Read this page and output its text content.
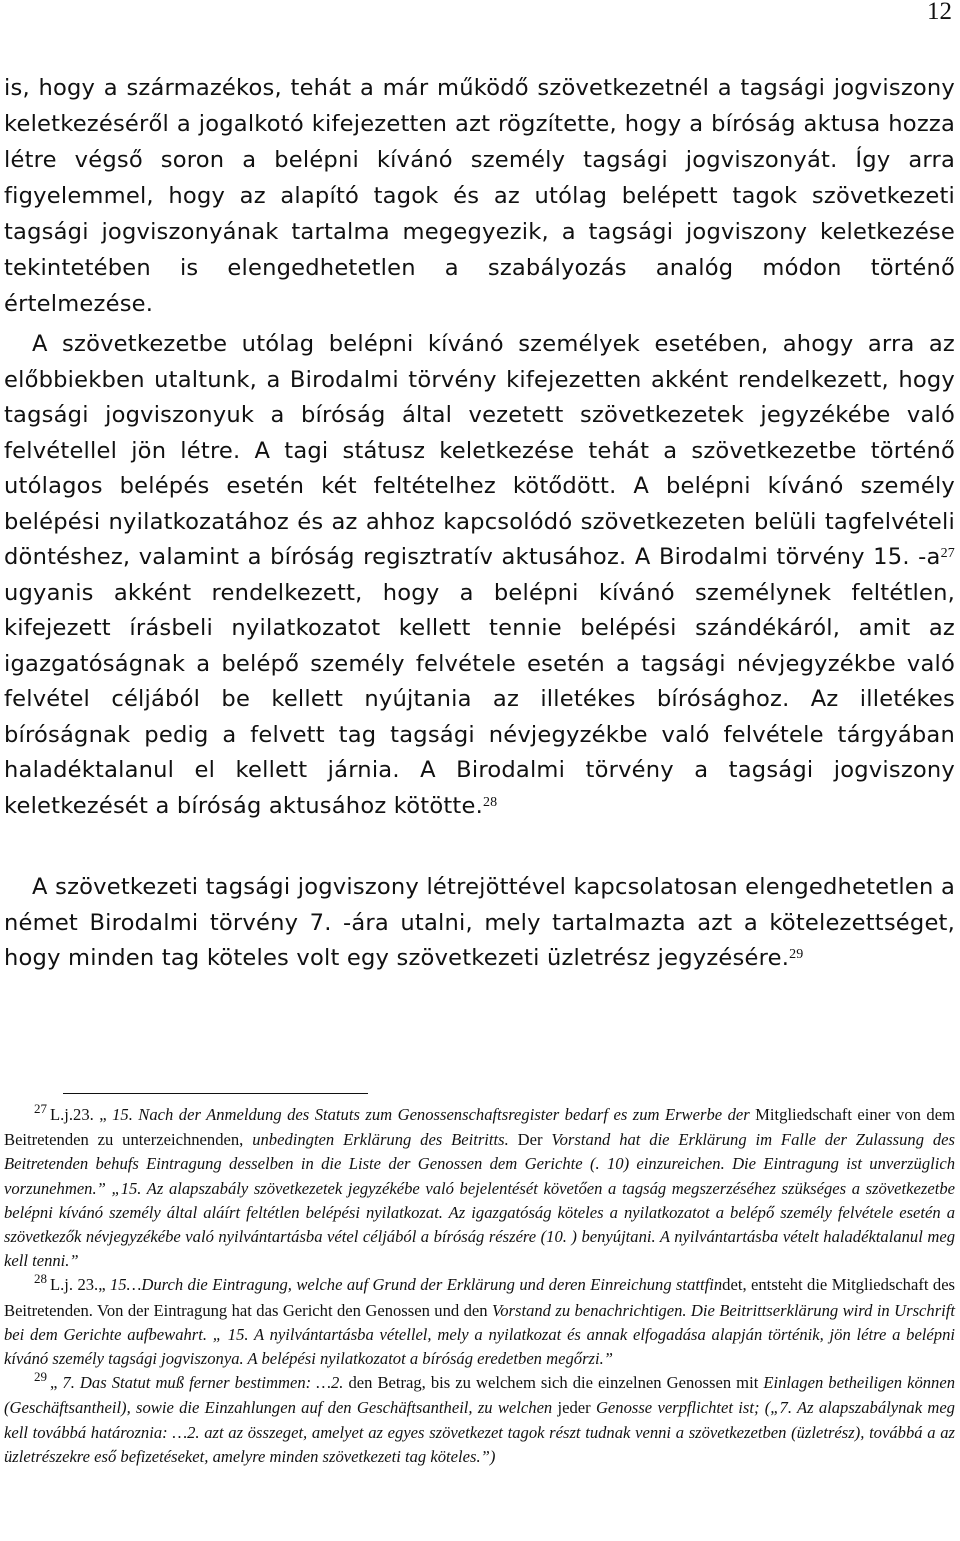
12

is, hogy a származékos, tehát a már működő szövetkezetnél a tagsági jogviszony keletkezéséről a jogalkotó kifejezetten azt rögzítette, hogy a bíróság aktusa hozza létre végső soron a belépni kívánó személy tagsági jogviszonyát. Így arra figyelemmel, hogy az alapító tagok és az utólag belépett tagok szövetkezeti tagsági jogviszonyának tartalma megegyezik, a tagsági jogviszony keletkezése tekintetében is elengedhetetlen a szabályozás analóg módon történő értelmezése.

A szövetkezetbe utólag belépni kívánó személyek esetében, ahogy arra az előbbiekben utaltunk, a Birodalmi törvény kifejezetten akként rendelkezett, hogy tagsági jogviszonyuk a bíróság által vezetett szövetkezetek jegyzékébe való felvétellel jön létre. A tagi státusz keletkezése tehát a szövetkezetbe történő utólagos belépés esetén két feltételhez kötődött. A belépni kívánó személy belépési nyilatkozatához és az ahhoz kapcsolódó szövetkezeten belüli tagfelvételi döntéshez, valamint a bíróság regisztratív aktusához. A Birodalmi törvény 15. -a$^{27}$ ugyanis akként rendelkezett, hogy a belépni kívánó személynek feltétlen, kifejezett írásbeli nyilatkozatot kellett tennie belépési szándékáról, amit az igazgatóságnak a belépő személy felvétele esetén a tagsági névjegyzékbe való felvétel céljából be kellett nyújtania az illetékes bírósághoz. Az illetékes bíróságnak pedig a felvett tag tagsági névjegyzékbe való felvétele tárgyában haladéktalanul el kellett járnia. A Birodalmi törvény a tagsági jogviszony keletkezését a bíróság aktusához kötötte.$^{28}$

A szövetkezeti tagsági jogviszony létrejöttével kapcsolatosan elengedhetetlen a német Birodalmi törvény 7. -ára utalni, mely tartalmazta azt a kötelezettséget, hogy minden tag köteles volt egy szövetkezeti üzletrész jegyzésére.$^{29}$

27 L.j.23. „ 15. Nach der Anmeldung des Statuts zum Genossenschaftsregister bedarf es zum Erwerbe der Mitgliedschaft einer von dem Beitretenden zu unterzeichnenden, unbedingten Erklärung des Beitritts. Der Vorstand hat die Erklärung im Falle der Zulassung des Beitretenden behufs Eintragung desselben in die Liste der Genossen dem Gerichte (. 10) einzureichen. Die Eintragung ist unverzüglich vorzunehmen.” „15. Az alapszabály szövetkezetek jegyzékébe való bejelentését követően a tagság megszerzéséhez szükséges a szövetkezetbe belépni kívánó személy által aláírt feltétlen belépési nyilatkozat. Az igazgatóság köteles a nyilatkozatot a belépő személy felvétele esetén a szövetkezők névjegyzékébe való nyilvántartásba vétel céljából a bíróság részére (10. ) benyújtani. A nyilvántartásba vételt haladéktalanul meg kell tenni.”

28 L.j. 23.„ 15…Durch die Eintragung, welche auf Grund der Erklärung und deren Einreichung stattfindet, entsteht die Mitgliedschaft des Beitretenden. Von der Eintragung hat das Gericht den Genossen und den Vorstand zu benachrichtigen. Die Beitrittserklärung wird in Urschrift bei dem Gerichte aufbewahrt. „ 15. A nyilvántartásba vétellel, mely a nyilatkozat és annak elfogadása alapján történik, jön létre a belépni kívánó személy tagsági jogviszonya. A belépési nyilatkozatot a bíróság eredetben megőrzi.”

29 „ 7. Das Statut muß ferner bestimmen: …2. den Betrag, bis zu welchem sich die einzelnen Genossen mit Einlagen betheiligen können (Geschäftsantheil), sowie die Einzahlungen auf den Geschäftsantheil, zu welchen jeder Genosse verpflichtet ist; („7. Az alapszabálynak meg kell továbbá határoznia: …2. azt az összeget, amelyet az egyes szövetkezet tagok részt tudnak venni a szövetkezetben (üzletrész), továbbá a az üzletrészekre eső befizetéseket, amelyre minden szövetkezeti tag köteles.”)
